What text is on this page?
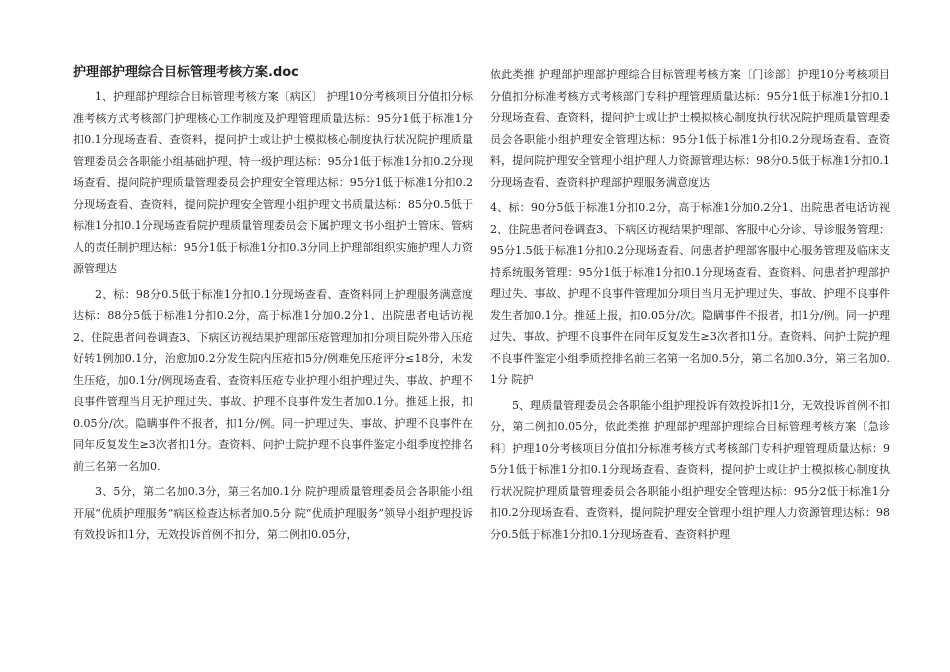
护理部护理综合目标管理考核方案.doc

1、护理部护理综合目标管理考核方案〔病区〕 护理10分考核项目分值扣分标准考核方式考核部门护理核心工作制度及护理管理质量达标：95分1低于标准1分扣0.1分现场查看、查资料，提问护士或让护士模拟核心制度执行状况院护理质量管理委员会各职能小组基础护理、特一级护理达标：95分1低于标准1分扣0.2分现场查看、提问院护理质量管理委员会护理安全管理达标：95分1低于标准1分扣0.2分现场查看、查资料，提问院护理安全管理小组护理文书质量达标：85分0.5低于标准1分扣0.1分现场查看院护理质量管理委员会下属护理文书小组护士管床、管病人的责任制护理达标：95分1低于标准1分扣0.3分同上护理部组织实施护理人力资源管理达

2、标：98分0.5低于标准1分扣0.1分现场查看、查资料同上护理服务满意度达标：88分5低于标准1分扣0.2分，高于标准1分加0.2分1、出院患者电话访视2、住院患者问卷调查3、下病区访视结果护理部压疮管理加扣分项目院外带入压疮好转1例加0.1分，治愈加0.2分发生院内压疮扣5分/例难免压疮评分≤18分，未发生压疮，加0.1分/例现场查看、查资料压疮专业护理小组护理过失、事故、护理不良事件管理当月无护理过失、事故、护理不良事件发生者加0.1分。推延上报，扣0.05分/次。隐瞒事件不报者，扣1分/例。同一护理过失、事故、护理不良事件在同年反复发生≥3次者扣1分。查资料、问护士院护理不良事件鉴定小组季度控排名前三名第一名加0.

3、5分，第二名加0.3分，第三名加0.1分 院护理质量管理委员会各职能小组开展“优质护理服务”病区检查达标者加0.5分 院“优质护理服务”领导小组护理投诉有效投诉扣1分，无效投诉首例不扣分，第二例扣0.05分，

依此类推 护理部护理部护理综合目标管理考核方案〔门诊部〕护理10分考核项目分值扣分标准考核方式考核部门专科护理管理质量达标：95分1低于标准1分扣0.1分现场查看、查资料，提问护士或让护士模拟核心制度执行状况院护理质量管理委员会各职能小组护理安全管理达标：95分1低于标准1分扣0.2分现场查看、查资料，提问院护理安全管理小组护理人力资源管理达标：98分0.5低于标准1分扣0.1分现场查看、查资料护理部护理服务满意度达

4、标：90分5低于标准1分扣0.2分，高于标准1分加0.2分1、出院患者电话访视2、住院患者问卷调查3、下病区访视结果护理部、客服中心分诊、导诊服务管理：95分1.5低于标准1分扣0.2分现场查看、问患者护理部客服中心服务管理及临床支持系统服务管理：95分1低于标准1分扣0.1分现场查看、查资料、问患者护理部护理过失、事故、护理不良事件管理加分项目当月无护理过失、事故、护理不良事件发生者加0.1分。推延上报，扣0.05分/次。隐瞒事件不报者，扣1分/例。同一护理过失、事故、护理不良事件在同年反复发生≥3次者扣1分。查资料、问护士院护理不良事件鉴定小组季质控排名前三名第一名加0.5分，第二名加0.3分，第三名加0.1分 院护

5、理质量管理委员会各职能小组护理投诉有效投诉扣1分，无效投诉首例不扣分，第二例扣0.05分，依此类推 护理部护理部护理综合目标管理考核方案〔急诊科〕护理10分考核项目分值扣分标准考核方式考核部门专科护理管理质量达标：95分1低于标准1分扣0.1分现场查看、查资料，提问护士或让护士模拟核心制度执行状况院护理质量管理委员会各职能小组护理安全管理达标：95分2低于标准1分扣0.2分现场查看、查资料，提问院护理安全管理小组护理人力资源管理达标：98分0.5低于标准1分扣0.1分现场查看、查资料护理
